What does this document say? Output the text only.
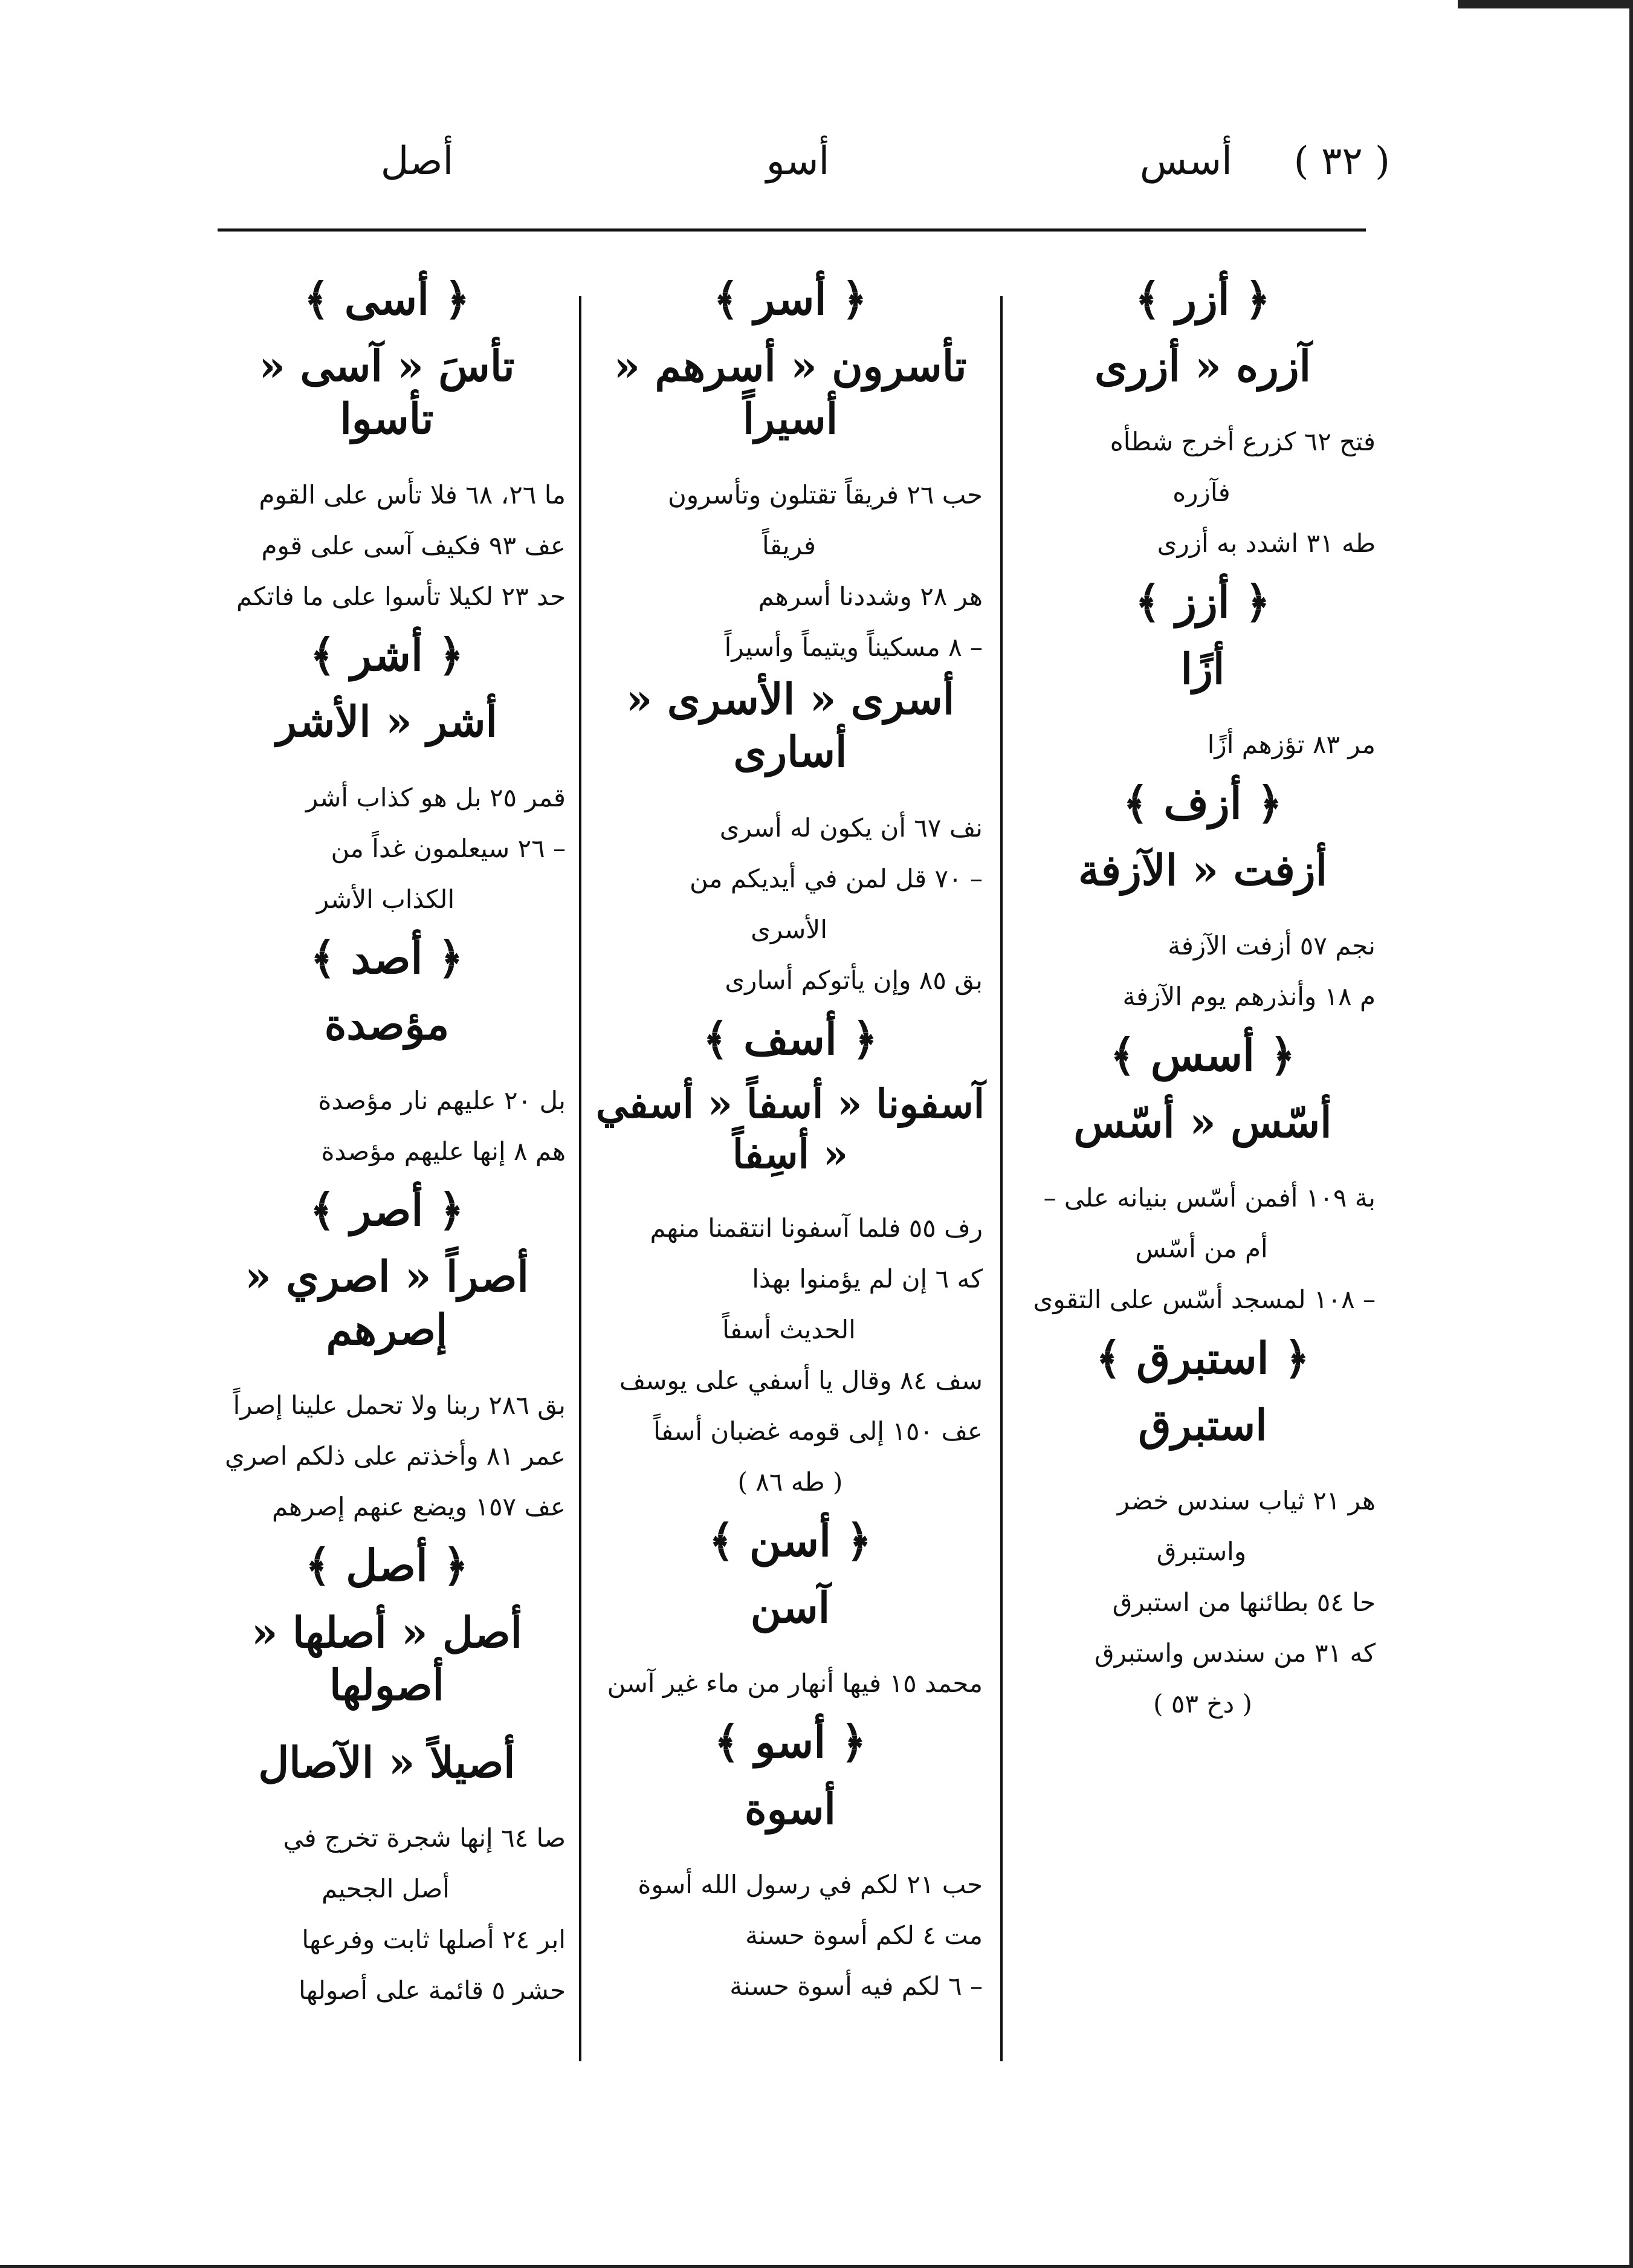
( ٣٢ )     أسس
أسو
أصل
﴿ أزر ﴾
آزره « أزرى
فتح ٦٢ كزرع أخرج شطأه
فآزره
طه ٣١ اشدد به أزرى
﴿ أزز ﴾
أزًا
مر ٨٣ تؤزهم أزًا
﴿ أزف ﴾
أزفت « الآزفة
نجم ٥٧ أزفت الآزفة
م ١٨ وأنذرهم يوم الآزفة
﴿ أسس ﴾
أسّس « أسّس
بة ١٠٩ أفمن أسّس بنيانه على –
أم من أسّس
– ١٠٨ لمسجد أسّس على التقوى
﴿ استبرق ﴾
استبرق
هر ٢١ ثياب سندس خضر
واستبرق
حا ٥٤ بطائنها من استبرق
كه ٣١ من سندس واستبرق
( دخ ٥٣ )
﴿ أسر ﴾
تأسرون « أسرهم « أسيراً
حب ٢٦ فريقاً تقتلون وتأسرون
فريقاً
هر ٢٨ وشددنا أسرهم
– ٨ مسكيناً ويتيماً وأسيراً
أسرى « الأسرى « أسارى
نف ٦٧ أن يكون له أسرى
– ٧٠ قل لمن في أيديكم من
الأسرى
بق ٨٥ وإن يأتوكم أسارى
﴿ أسف ﴾
آسفونا « أسفاً « أسفي « أسِفاً
رف ٥٥ فلما آسفونا انتقمنا منهم
كه ٦ إن لم يؤمنوا بهذا
الحديث أسفاً
سف ٨٤ وقال يا أسفي على يوسف
عف ١٥٠ إلى قومه غضبان أسفاً
( طه ٨٦ )
﴿ أسن ﴾
آسن
محمد ١٥ فيها أنهار من ماء غير آسن
﴿ أسو ﴾
أسوة
حب ٢١ لكم في رسول الله أسوة
مت ٤ لكم أسوة حسنة
– ٦ لكم فيه أسوة حسنة
﴿ أسى ﴾
تأسَ « آسى « تأسوا
ما ٢٦، ٦٨ فلا تأس على القوم
عف ٩٣ فكيف آسى على قوم
حد ٢٣ لكيلا تأسوا على ما فاتكم
﴿ أشر ﴾
أشر « الأشر
قمر ٢٥ بل هو كذاب أشر
– ٢٦ سيعلمون غداً من
الكذاب الأشر
﴿ أصد ﴾
مؤصدة
بل ٢٠ عليهم نار مؤصدة
هم ٨ إنها عليهم مؤصدة
﴿ أصر ﴾
أصراً « اصري « إصرهم
بق ٢٨٦ ربنا ولا تحمل علينا إصراً
عمر ٨١ وأخذتم على ذلكم اصري
عف ١٥٧ ويضع عنهم إصرهم
﴿ أصل ﴾
أصل « أصلها « أصولها
أصيلاً « الآصال
صا ٦٤ إنها شجرة تخرج في
أصل الجحيم
ابر ٢٤ أصلها ثابت وفرعها
حشر ٥ قائمة على أصولها
